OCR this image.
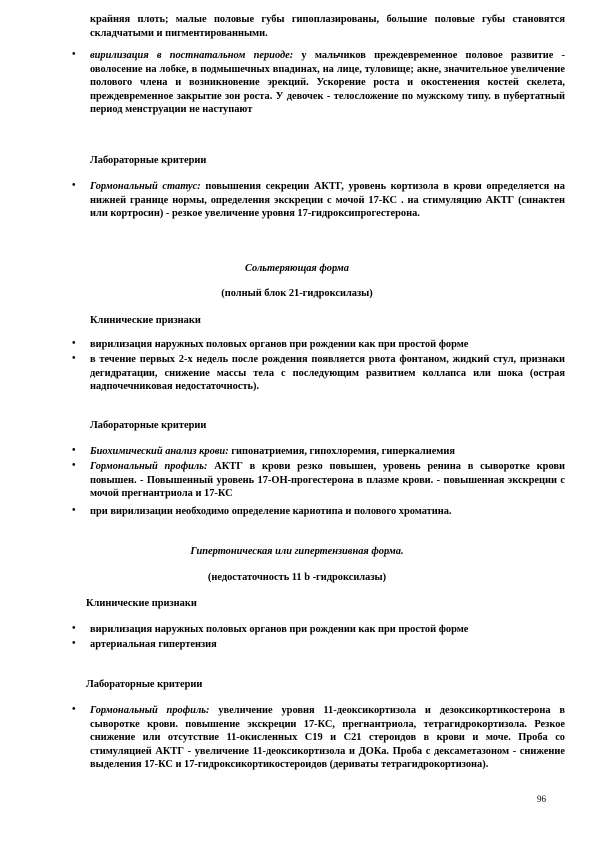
крайняя плоть; малые половые губы гипоплазированы, большие половые губы становятся складчатыми и пигментированными.
• вирилизация в постнатальном периоде: у мальчиков преждевременное половое развитие - оволосение на лобке, в подмышечных впадинах, на лице, туловище; акне, значительное увеличение полового члена и возникновение эрекций. Ускорение роста и окостенения костей скелета, преждевременное закрытие зон роста. У девочек - телосложение по мужскому типу. в пубертатный период менструации не наступают
Лабораторные критерии
• Гормональный статус: повышения секреции АКТГ, уровень кортизола в крови определяется на нижней границе нормы, определения экскреции с мочой 17-КС . на стимуляцию АКТГ (синактен или кортросин) - резкое увеличение уровня 17-гидроксипрогестерона.
Сольтеряющая форма
(полный блок 21-гидроксилазы)
Клинические признаки
• вирилизация наружных половых органов при рождении как при простой форме
• в течение первых 2-х недель после рождения появляется рвота фонтаном, жидкий стул, признаки дегидратации, снижение массы тела с последующим развитием коллапса или шока (острая надпочечниковая недостаточность).
Лабораторные критерии
• Биохимический анализ крови: гипонатриемия, гипохлоремия, гиперкалиемия
• Гормональный профиль: АКТГ в крови резко повышен, уровень ренина в сыворотке крови повышен. - Повышенный уровень 17-ОН-прогестерона в плазме крови. - повышенная экскреции с мочой прегнантриола и 17-КС
• при вирилизации необходимо определение кариотипа и полового хроматина.
Гипертоническая или гипертензивная форма.
(недостаточность 11 b -гидроксилазы)
Клинические признаки
• вирилизация наружных половых органов при рождении как при простой форме
• артериальная гипертензия
Лабораторные критерии
• Гормональный профиль: увеличение уровня 11-деоксикортизола и дезоксикортикостерона в сыворотке крови. повышение экскреции 17-КС, прегнантриола, тетрагидрокортизола. Резкое снижение или отсутствие 11-окисленных С19 и С21 стероидов в крови и моче. Проба со стимуляцией АКТГ - увеличение 11-деоксикортизола и ДОКа. Проба с дексаметазоном - снижение выделения 17-КС и 17-гидроксикортикостероидов (дериваты тетрагидрокортизона).
96
